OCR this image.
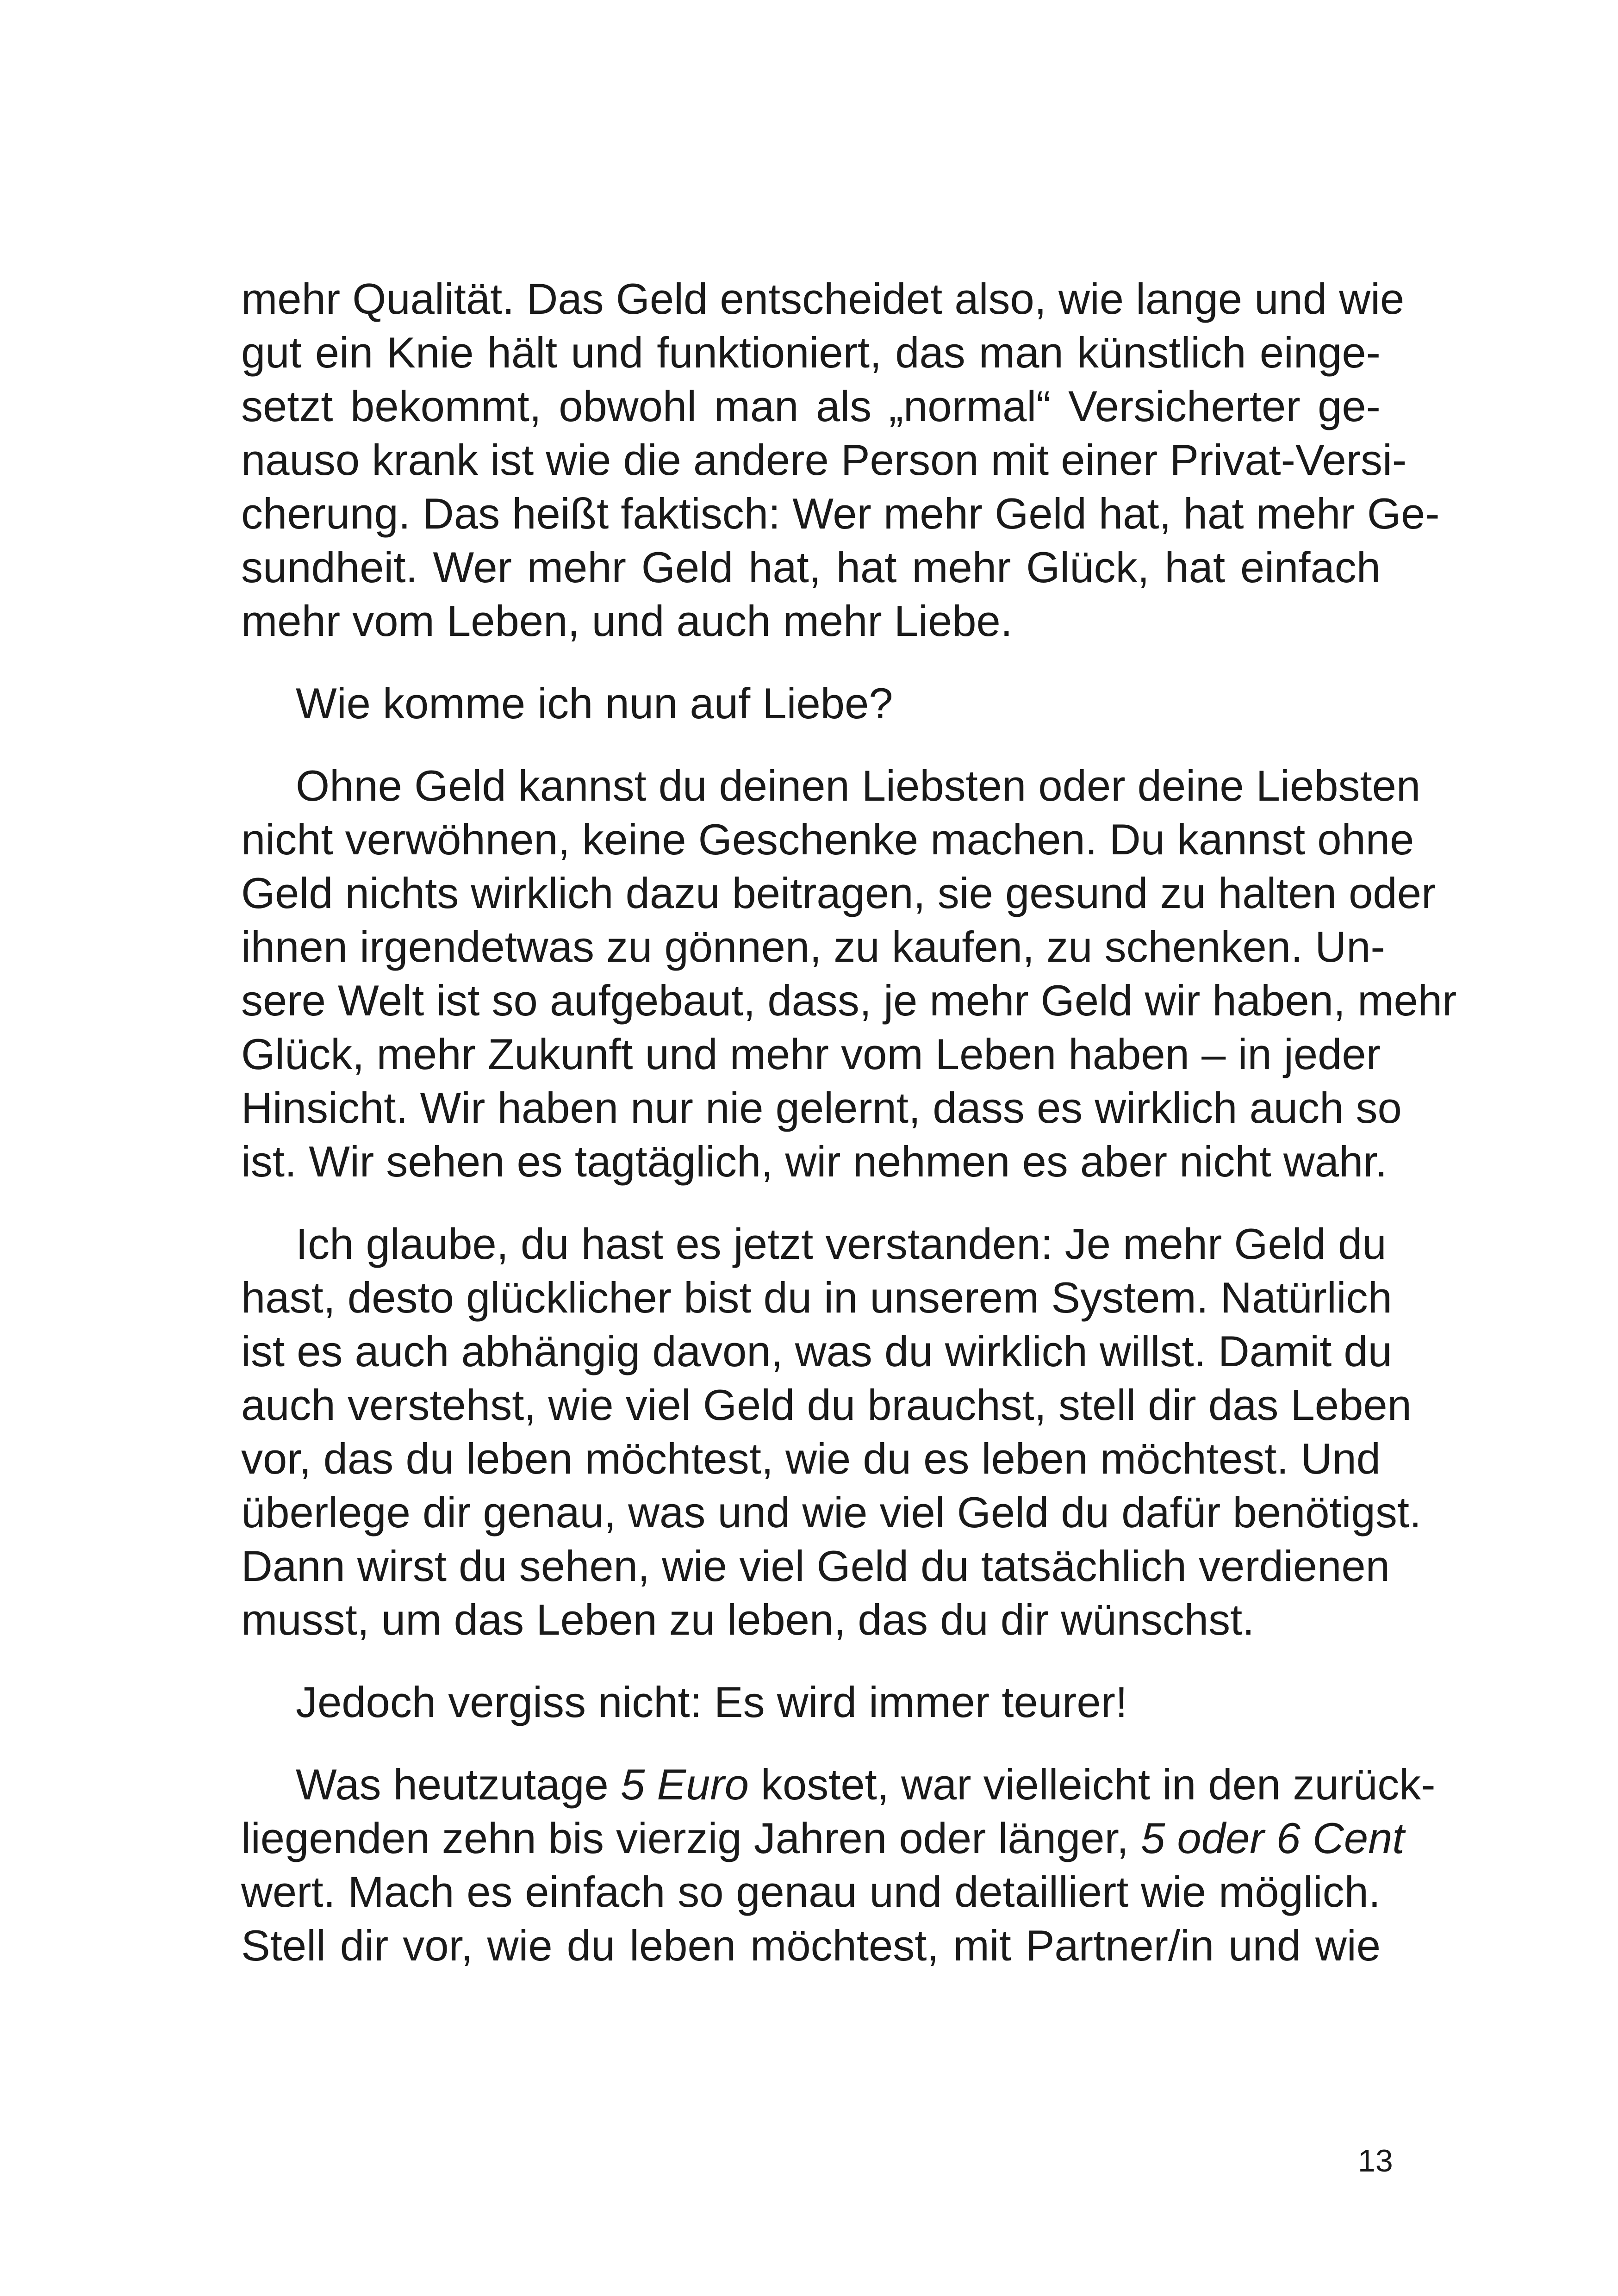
mehr Qualität. Das Geld entscheidet also, wie lange und wie
gut ein Knie hält und funktioniert, das man künstlich einge-
setzt bekommt, obwohl man als „normal“ Versicherter ge-
nauso krank ist wie die andere Person mit einer Privat-Versi-
cherung. Das heißt faktisch: Wer mehr Geld hat, hat mehr Ge-
sundheit. Wer mehr Geld hat, hat mehr Glück, hat einfach
mehr vom Leben, und auch mehr Liebe.
Wie komme ich nun auf Liebe?
Ohne Geld kannst du deinen Liebsten oder deine Liebsten
nicht verwöhnen, keine Geschenke machen. Du kannst ohne
Geld nichts wirklich dazu beitragen, sie gesund zu halten oder
ihnen irgendetwas zu gönnen, zu kaufen, zu schenken. Un-
sere Welt ist so aufgebaut, dass, je mehr Geld wir haben, mehr
Glück, mehr Zukunft und mehr vom Leben haben – in jeder
Hinsicht. Wir haben nur nie gelernt, dass es wirklich auch so
ist. Wir sehen es tagtäglich, wir nehmen es aber nicht wahr.
Ich glaube, du hast es jetzt verstanden: Je mehr Geld du
hast, desto glücklicher bist du in unserem System. Natürlich
ist es auch abhängig davon, was du wirklich willst. Damit du
auch verstehst, wie viel Geld du brauchst, stell dir das Leben
vor, das du leben möchtest, wie du es leben möchtest. Und
überlege dir genau, was und wie viel Geld du dafür benötigst.
Dann wirst du sehen, wie viel Geld du tatsächlich verdienen
musst, um das Leben zu leben, das du dir wünschst.
Jedoch vergiss nicht: Es wird immer teurer!
Was heutzutage 5 Euro kostet, war vielleicht in den zurück-
liegenden zehn bis vierzig Jahren oder länger, 5 oder 6 Cent
wert. Mach es einfach so genau und detailliert wie möglich.
Stell dir vor, wie du leben möchtest, mit Partner/in und wie
13
